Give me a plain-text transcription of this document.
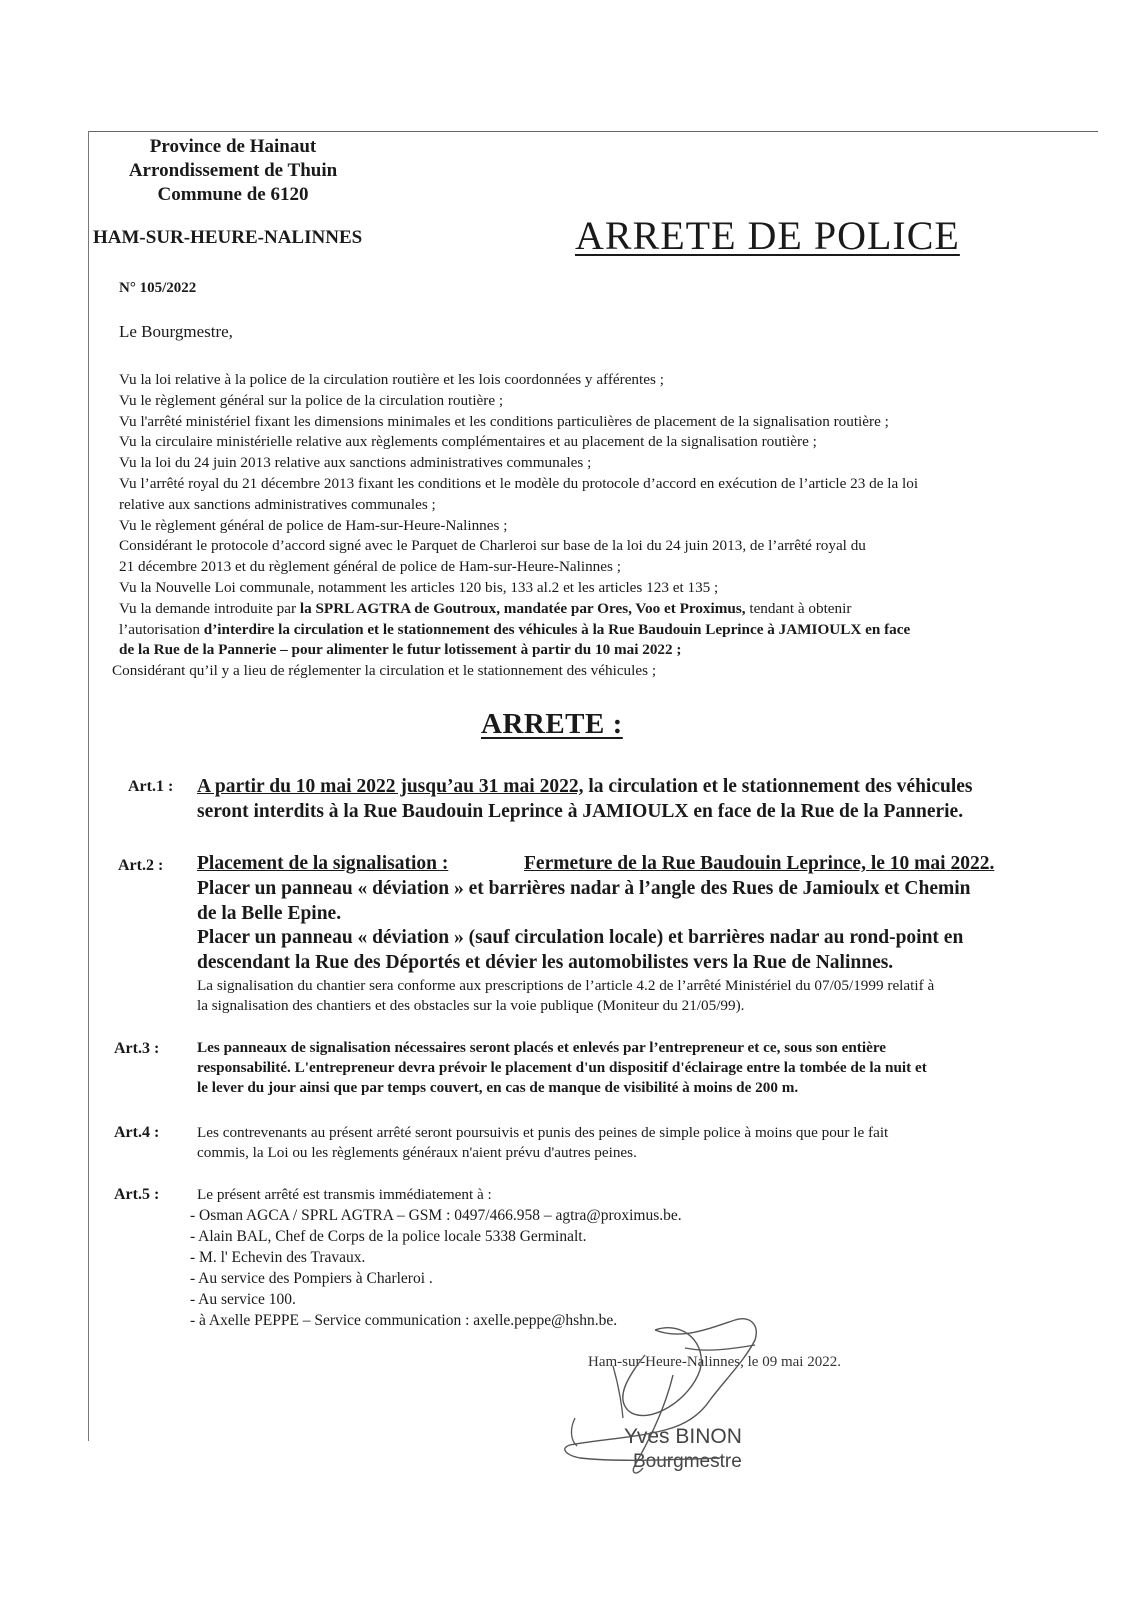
Province de Hainaut
Arrondissement de Thuin
Commune de 6120
HAM-SUR-HEURE-NALINNES	ARRETE DE POLICE
N° 105/2022
Le Bourgmestre,
Vu la loi relative à la police de la circulation routière et les lois coordonnées y afférentes ;
Vu le règlement général sur la police de la circulation routière ;
Vu l'arrêté ministériel fixant les dimensions minimales et les conditions particulières de placement de la signalisation routière ;
Vu la circulaire ministérielle relative aux règlements complémentaires et au placement de la signalisation routière ;
Vu la loi du 24 juin 2013 relative aux sanctions administratives communales ;
Vu l’arrêté royal du 21 décembre 2013 fixant les conditions et le modèle du protocole d’accord en exécution de l’article 23 de la loi
relative aux sanctions administratives communales ;
Vu le règlement général de police de Ham-sur-Heure-Nalinnes ;
Considérant le protocole d’accord signé avec le Parquet de Charleroi sur base de la loi du 24 juin 2013, de l’arrêté royal du
21 décembre 2013 et du règlement général de police de Ham-sur-Heure-Nalinnes ;
Vu la Nouvelle Loi communale, notamment les articles 120 bis, 133 al.2 et les articles 123 et 135 ;
Vu la demande introduite par la SPRL AGTRA de Goutroux, mandatée par Ores, Voo et Proximus, tendant à obtenir
l’autorisation d’interdire la circulation et le stationnement des véhicules à la Rue Baudouin Leprince à JAMIOULX en face
de la Rue de la Pannerie – pour alimenter le futur lotissement à partir du 10 mai 2022 ;
Considérant qu’il y a lieu de réglementer la circulation et le stationnement des véhicules ;
ARRETE :
Art.1 : A partir du 10 mai 2022 jusqu’au 31 mai 2022, la circulation et le stationnement des véhicules
seront interdits à la Rue Baudouin Leprince à JAMIOULX en face de la Rue de la Pannerie.
Art.2 : Placement de la signalisation :	Fermeture de la Rue Baudouin Leprince, le 10 mai 2022.
Placer un panneau « déviation » et barrières nadar à l’angle des Rues de Jamioulx et Chemin
de la Belle Epine.
Placer un panneau « déviation » (sauf circulation locale) et barrières nadar au rond-point en
descendant la Rue des Déportés et dévier les automobilistes vers la Rue de Nalinnes.
La signalisation du chantier sera conforme aux prescriptions de l’article 4.2 de l’arrêté Ministériel du 07/05/1999 relatif à
la signalisation des chantiers et des obstacles sur la voie publique (Moniteur du 21/05/99).
Art.3 : Les panneaux de signalisation nécessaires seront placés et enlevés par l’entrepreneur et ce, sous son entière
responsabilité. L'entrepreneur devra prévoir le placement d'un dispositif d'éclairage entre la tombée de la nuit et
le lever du jour ainsi que par temps couvert, en cas de manque de visibilité à moins de 200 m.
Art.4 : Les contrevenants au présent arrêté seront poursuivis et punis des peines de simple police à moins que pour le fait
commis, la Loi ou les règlements généraux n'aient prévu d'autres peines.
Art.5 : Le présent arrêté est transmis immédiatement à :
- Osman AGCA / SPRL AGTRA – GSM : 0497/466.958 – agtra@proximus.be.
- Alain BAL, Chef de Corps de la police locale 5338 Germinalt.
- M. l' Echevin des Travaux.
- Au service des Pompiers à Charleroi .
- Au service 100.
- à Axelle PEPPE – Service communication : axelle.peppe@hshn.be.
Ham-sur-Heure-Nalinnes, le 09 mai 2022.
Yves BINON
Bourgmestre
